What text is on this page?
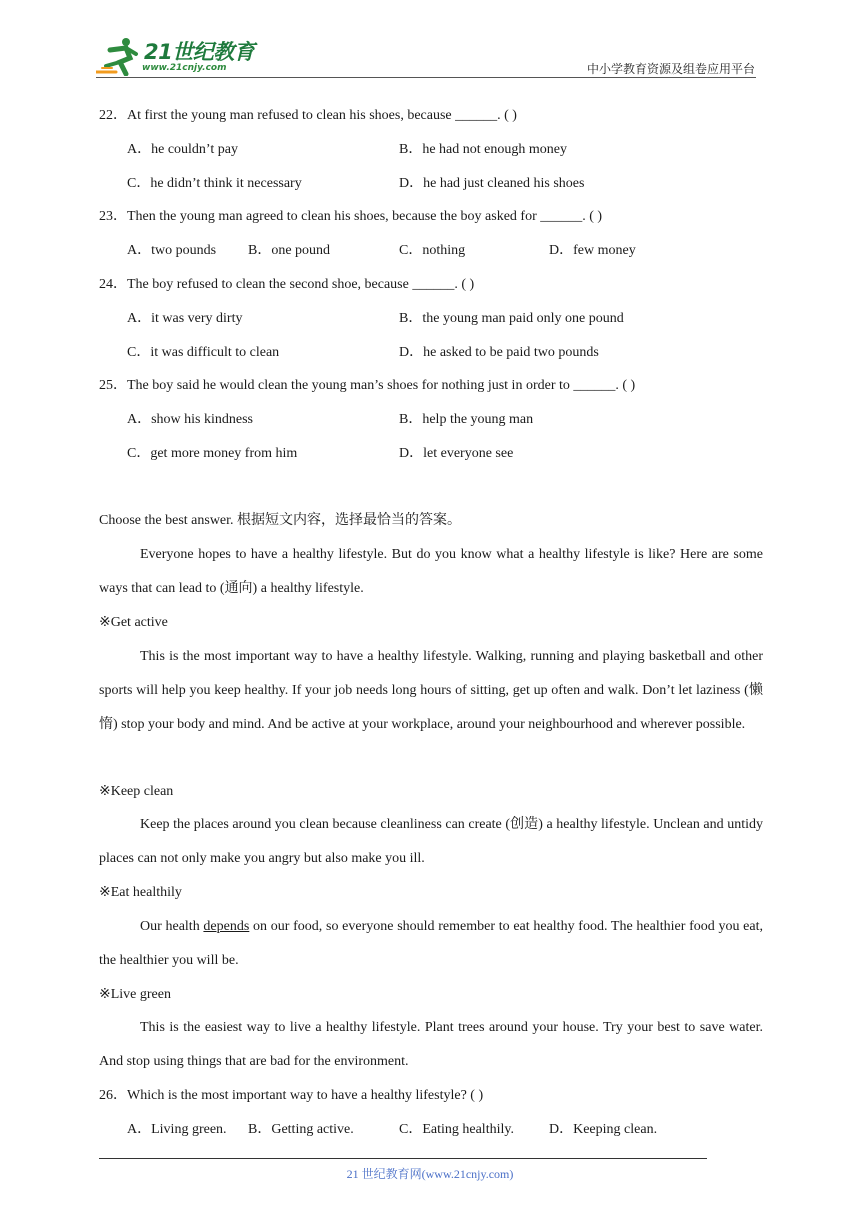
21世纪教育
www.21cnjy.com	中小学教育资源及组卷应用平台
22．At first the young man refused to clean his shoes, because ______. ( )
A．he couldn’t pay	B．he had not enough money
C．he didn’t think it necessary	D．he had just cleaned his shoes
23．Then the young man agreed to clean his shoes, because the boy asked for ______. ( )
A．two pounds B．one pound	C．nothing	D．few money
24．The boy refused to clean the second shoe, because ______. ( )
A．it was very dirty	B．the young man paid only one pound
C．it was difficult to clean	D．he asked to be paid two pounds
25．The boy said he would clean the young man’s shoes for nothing just in order to ______. ( )
A．show his kindness	B．help the young man
C．get more money from him	D．let everyone see
Choose the best answer. 根据短文内容，选择最恰当的答案。
Everyone hopes to have a healthy lifestyle. But do you know what a healthy lifestyle is like? Here are some ways that can lead to (通向) a healthy lifestyle.
※Get active
This is the most important way to have a healthy lifestyle. Walking, running and playing basketball and other sports will help you keep healthy. If your job needs long hours of sitting, get up often and walk. Don’t let laziness (懒惰) stop your body and mind. And be active at your workplace, around your neighbourhood and wherever possible.
※Keep clean
Keep the places around you clean because cleanliness can create (创造) a healthy lifestyle. Unclean and untidy places can not only make you angry but also make you ill.
※Eat healthily
Our health depends on our food, so everyone should remember to eat healthy food. The healthier food you eat, the healthier you will be.
※Live green
This is the easiest way to live a healthy lifestyle. Plant trees around your house. Try your best to save water. And stop using things that are bad for the environment.
26．Which is the most important way to have a healthy lifestyle? ( )
A．Living green. B．Getting active.	C．Eating healthily.	D．Keeping clean.
21 世纪教育网(www.21cnjy.com)
